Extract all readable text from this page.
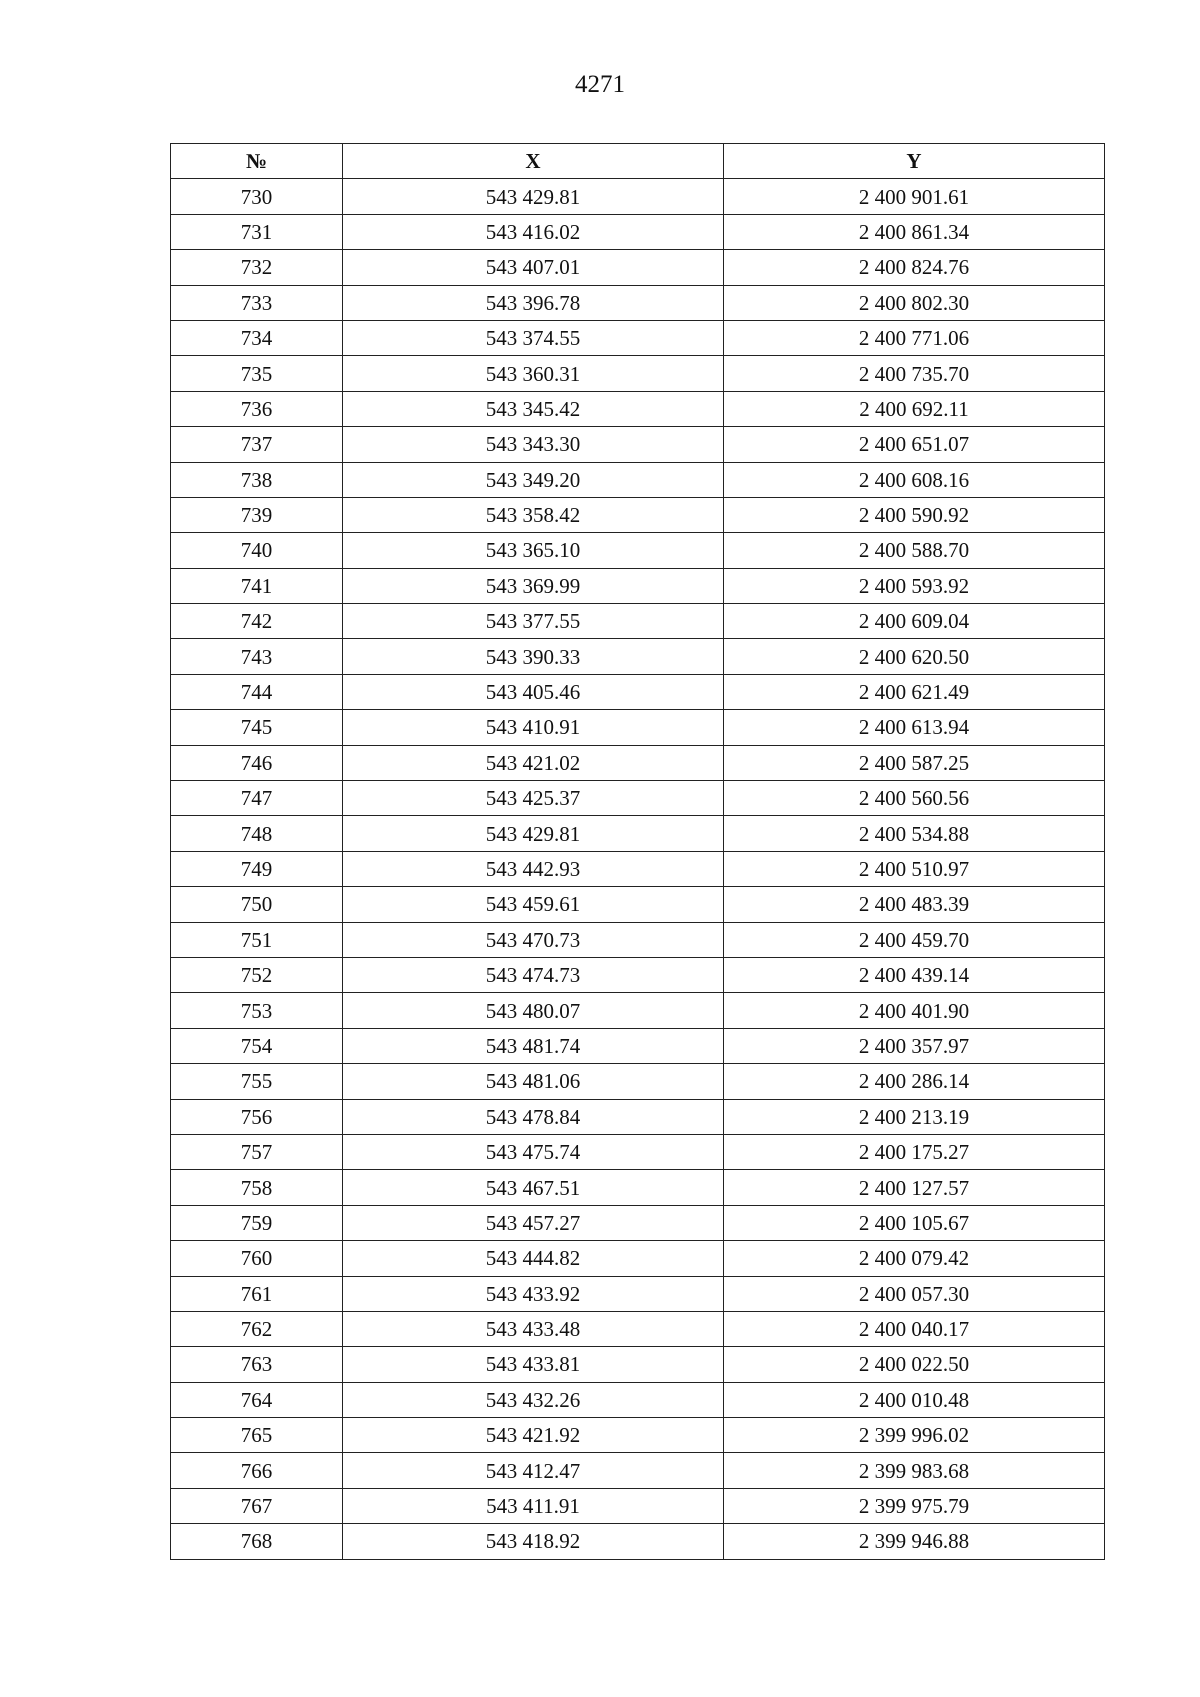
4271
№	X	Y
730	543 429.81	2 400 901.61
731	543 416.02	2 400 861.34
732	543 407.01	2 400 824.76
733	543 396.78	2 400 802.30
734	543 374.55	2 400 771.06
735	543 360.31	2 400 735.70
736	543 345.42	2 400 692.11
737	543 343.30	2 400 651.07
738	543 349.20	2 400 608.16
739	543 358.42	2 400 590.92
740	543 365.10	2 400 588.70
741	543 369.99	2 400 593.92
742	543 377.55	2 400 609.04
743	543 390.33	2 400 620.50
744	543 405.46	2 400 621.49
745	543 410.91	2 400 613.94
746	543 421.02	2 400 587.25
747	543 425.37	2 400 560.56
748	543 429.81	2 400 534.88
749	543 442.93	2 400 510.97
750	543 459.61	2 400 483.39
751	543 470.73	2 400 459.70
752	543 474.73	2 400 439.14
753	543 480.07	2 400 401.90
754	543 481.74	2 400 357.97
755	543 481.06	2 400 286.14
756	543 478.84	2 400 213.19
757	543 475.74	2 400 175.27
758	543 467.51	2 400 127.57
759	543 457.27	2 400 105.67
760	543 444.82	2 400 079.42
761	543 433.92	2 400 057.30
762	543 433.48	2 400 040.17
763	543 433.81	2 400 022.50
764	543 432.26	2 400 010.48
765	543 421.92	2 399 996.02
766	543 412.47	2 399 983.68
767	543 411.91	2 399 975.79
768	543 418.92	2 399 946.88
